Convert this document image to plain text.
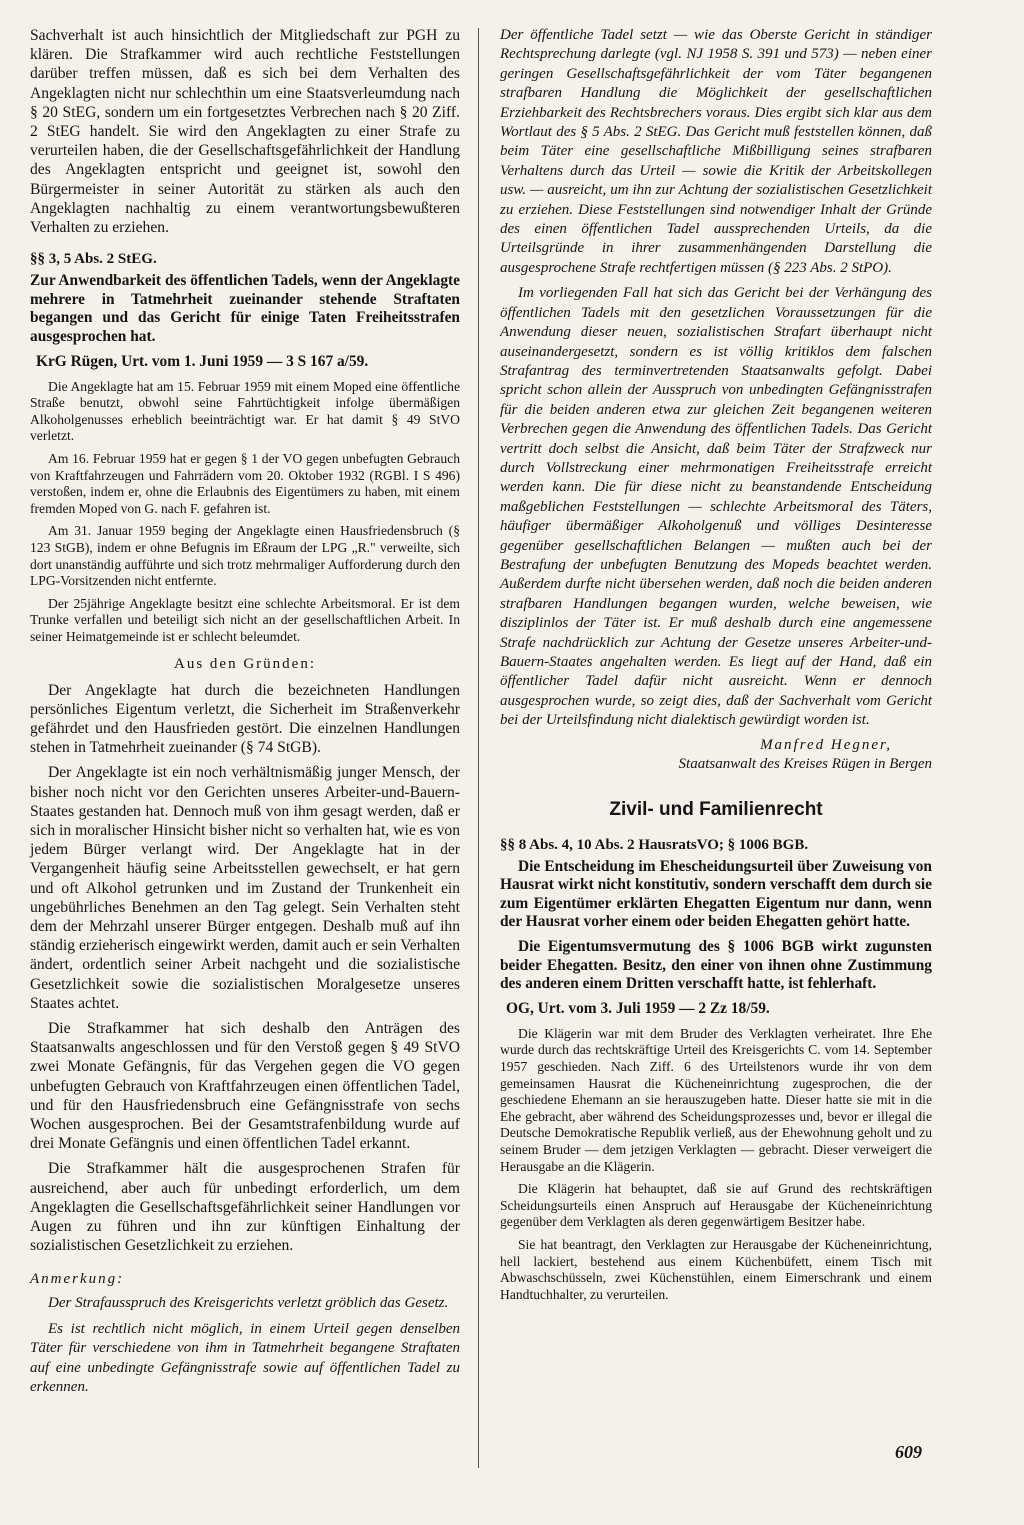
Sachverhalt ist auch hinsichtlich der Mitgliedschaft zur PGH zu klären. Die Strafkammer wird auch rechtliche Feststellungen darüber treffen müssen, daß es sich bei dem Verhalten des Angeklagten nicht nur schlechthin um eine Staatsverleumdung nach § 20 StEG, sondern um ein fortgesetztes Verbrechen nach § 20 Ziff. 2 StEG handelt. Sie wird den Angeklagten zu einer Strafe zu verurteilen haben, die der Gesellschaftsgefährlichkeit der Handlung des Angeklagten entspricht und geeignet ist, sowohl den Bürgermeister in seiner Autorität zu stärken als auch den Angeklagten nachhaltig zu einem verantwortungsbewußteren Verhalten zu erziehen.

§§ 3, 5 Abs. 2 StEG.

Zur Anwendbarkeit des öffentlichen Tadels, wenn der Angeklagte mehrere in Tatmehrheit zueinander stehende Straftaten begangen und das Gericht für einige Taten Freiheitsstrafen ausgesprochen hat.

KrG Rügen, Urt. vom 1. Juni 1959 — 3 S 167 a/59.

Die Angeklagte hat am 15. Februar 1959 mit einem Moped eine öffentliche Straße benutzt, obwohl seine Fahrtüchtigkeit infolge übermäßigen Alkoholgenusses erheblich beeinträchtigt war. Er hat damit § 49 StVO verletzt.

Am 16. Februar 1959 hat er gegen § 1 der VO gegen unbefugten Gebrauch von Kraftfahrzeugen und Fahrrädern vom 20. Oktober 1932 (RGBl. I S 496) verstoßen, indem er, ohne die Erlaubnis des Eigentümers zu haben, mit einem fremden Moped von G. nach F. gefahren ist.

Am 31. Januar 1959 beging der Angeklagte einen Hausfriedensbruch (§ 123 StGB), indem er ohne Befugnis im Eßraum der LPG „R." verweilte, sich dort unanständig aufführte und sich trotz mehrmaliger Aufforderung durch den LPG-Vorsitzenden nicht entfernte.

Der 25jährige Angeklagte besitzt eine schlechte Arbeitsmoral. Er ist dem Trunke verfallen und beteiligt sich nicht an der gesellschaftlichen Arbeit. In seiner Heimatgemeinde ist er schlecht beleumdet.

Aus den Gründen:

Der Angeklagte hat durch die bezeichneten Handlungen persönliches Eigentum verletzt, die Sicherheit im Straßenverkehr gefährdet und den Hausfrieden gestört. Die einzelnen Handlungen stehen in Tatmehrheit zueinander (§ 74 StGB).

Der Angeklagte ist ein noch verhältnismäßig junger Mensch, der bisher noch nicht vor den Gerichten unseres Arbeiter-und-Bauern-Staates gestanden hat. Dennoch muß von ihm gesagt werden, daß er sich in moralischer Hinsicht bisher nicht so verhalten hat, wie es von jedem Bürger verlangt wird. Der Angeklagte hat in der Vergangenheit häufig seine Arbeitsstellen gewechselt, er hat gern und oft Alkohol getrunken und im Zustand der Trunkenheit ein ungebührliches Benehmen an den Tag gelegt. Sein Verhalten steht dem der Mehrzahl unserer Bürger entgegen. Deshalb muß auf ihn ständig erzieherisch eingewirkt werden, damit auch er sein Verhalten ändert, ordentlich seiner Arbeit nachgeht und die sozialistische Gesetzlichkeit sowie die sozialistischen Moralgesetze unseres Staates achtet.

Die Strafkammer hat sich deshalb den Anträgen des Staatsanwalts angeschlossen und für den Verstoß gegen § 49 StVO zwei Monate Gefängnis, für das Vergehen gegen die VO gegen unbefugten Gebrauch von Kraftfahrzeugen einen öffentlichen Tadel, und für den Hausfriedensbruch eine Gefängnisstrafe von sechs Wochen ausgesprochen. Bei der Gesamtstrafenbildung wurde auf drei Monate Gefängnis und einen öffentlichen Tadel erkannt.

Die Strafkammer hält die ausgesprochenen Strafen für ausreichend, aber auch für unbedingt erforderlich, um dem Angeklagten die Gesellschaftsgefährlichkeit seiner Handlungen vor Augen zu führen und ihn zur künftigen Einhaltung der sozialistischen Gesetzlichkeit zu erziehen.

Anmerkung:

Der Strafausspruch des Kreisgerichts verletzt gröblich das Gesetz.

Es ist rechtlich nicht möglich, in einem Urteil gegen denselben Täter für verschiedene von ihm in Tatmehrheit begangene Straftaten auf eine unbedingte Gefängnisstrafe sowie auf öffentlichen Tadel zu erkennen.

Der öffentliche Tadel setzt — wie das Oberste Gericht in ständiger Rechtsprechung darlegte (vgl. NJ 1958 S. 391 und 573) — neben einer geringen Gesellschaftsgefährlichkeit der vom Täter begangenen strafbaren Handlung die Möglichkeit der gesellschaftlichen Erziehbarkeit des Rechtsbrechers voraus. Dies ergibt sich klar aus dem Wortlaut des § 5 Abs. 2 StEG. Das Gericht muß feststellen können, daß beim Täter eine gesellschaftliche Mißbilligung seines strafbaren Verhaltens durch das Urteil — sowie die Kritik der Arbeitskollegen usw. — ausreicht, um ihn zur Achtung der sozialistischen Gesetzlichkeit zu erziehen. Diese Feststellungen sind notwendiger Inhalt der Gründe des einen öffentlichen Tadel aussprechenden Urteils, da die Urteilsgründe in ihrer zusammenhängenden Darstellung die ausgesprochene Strafe rechtfertigen müssen (§ 223 Abs. 2 StPO).

Im vorliegenden Fall hat sich das Gericht bei der Verhängung des öffentlichen Tadels mit den gesetzlichen Voraussetzungen für die Anwendung dieser neuen, sozialistischen Strafart überhaupt nicht auseinandergesetzt, sondern es ist völlig kritiklos dem falschen Strafantrag des terminvertretenden Staatsanwalts gefolgt. Dabei spricht schon allein der Ausspruch von unbedingten Gefängnisstrafen für die beiden anderen etwa zur gleichen Zeit begangenen weiteren Verbrechen gegen die Anwendung des öffentlichen Tadels. Das Gericht vertritt doch selbst die Ansicht, daß beim Täter der Strafzweck nur durch Vollstreckung einer mehrmonatigen Freiheitsstrafe erreicht werden kann. Die für diese nicht zu beanstandende Entscheidung maßgeblichen Feststellungen — schlechte Arbeitsmoral des Täters, häufiger übermäßiger Alkoholgenuß und völliges Desinteresse gegenüber gesellschaftlichen Belangen — mußten auch bei der Bestrafung der unbefugten Benutzung des Mopeds beachtet werden. Außerdem durfte nicht übersehen werden, daß noch die beiden anderen strafbaren Handlungen begangen wurden, welche beweisen, wie disziplinlos der Täter ist. Er muß deshalb durch eine angemessene Strafe nachdrücklich zur Achtung der Gesetze unseres Arbeiter-und-Bauern-Staates angehalten werden. Es liegt auf der Hand, daß ein öffentlicher Tadel dafür nicht ausreicht. Wenn er dennoch ausgesprochen wurde, so zeigt dies, daß der Sachverhalt vom Gericht bei der Urteilsfindung nicht dialektisch gewürdigt worden ist.

Manfred Hegner,
Staatsanwalt des Kreises Rügen in Bergen
Zivil- und Familienrecht
§§ 8 Abs. 4, 10 Abs. 2 HausratsVO; § 1006 BGB.

Die Entscheidung im Ehescheidungsurteil über Zuweisung von Hausrat wirkt nicht konstitutiv, sondern verschafft dem durch sie zum Eigentümer erklärten Ehegatten Eigentum nur dann, wenn der Hausrat vorher einem oder beiden Ehegatten gehört hatte.

Die Eigentumsvermutung des § 1006 BGB wirkt zugunsten beider Ehegatten. Besitz, den einer von ihnen ohne Zustimmung des anderen einem Dritten verschafft hatte, ist fehlerhaft.

OG, Urt. vom 3. Juli 1959 — 2 Zz 18/59.

Die Klägerin war mit dem Bruder des Verklagten verheiratet. Ihre Ehe wurde durch das rechtskräftige Urteil des Kreisgerichts C. vom 14. September 1957 geschieden. Nach Ziff. 6 des Urteilstenors wurde ihr von dem gemeinsamen Hausrat die Kücheneinrichtung zugesprochen, die der geschiedene Ehemann an sie herauszugeben hatte. Dieser hatte sie mit in die Ehe gebracht, aber während des Scheidungsprozesses und, bevor er illegal die Deutsche Demokratische Republik verließ, aus der Ehewohnung geholt und zu seinem Bruder — dem jetzigen Verklagten — gebracht. Dieser verweigert die Herausgabe an die Klägerin.

Die Klägerin hat behauptet, daß sie auf Grund des rechtskräftigen Scheidungsurteils einen Anspruch auf Herausgabe der Kücheneinrichtung gegenüber dem Verklagten als deren gegenwärtigem Besitzer habe.

Sie hat beantragt, den Verklagten zur Herausgabe der Kücheneinrichtung, hell lackiert, bestehend aus einem Küchenbüfett, einem Tisch mit Abwaschschüsseln, zwei Küchenstühlen, einem Eimerschrank und einem Handtuchhalter, zu verurteilen.

609
